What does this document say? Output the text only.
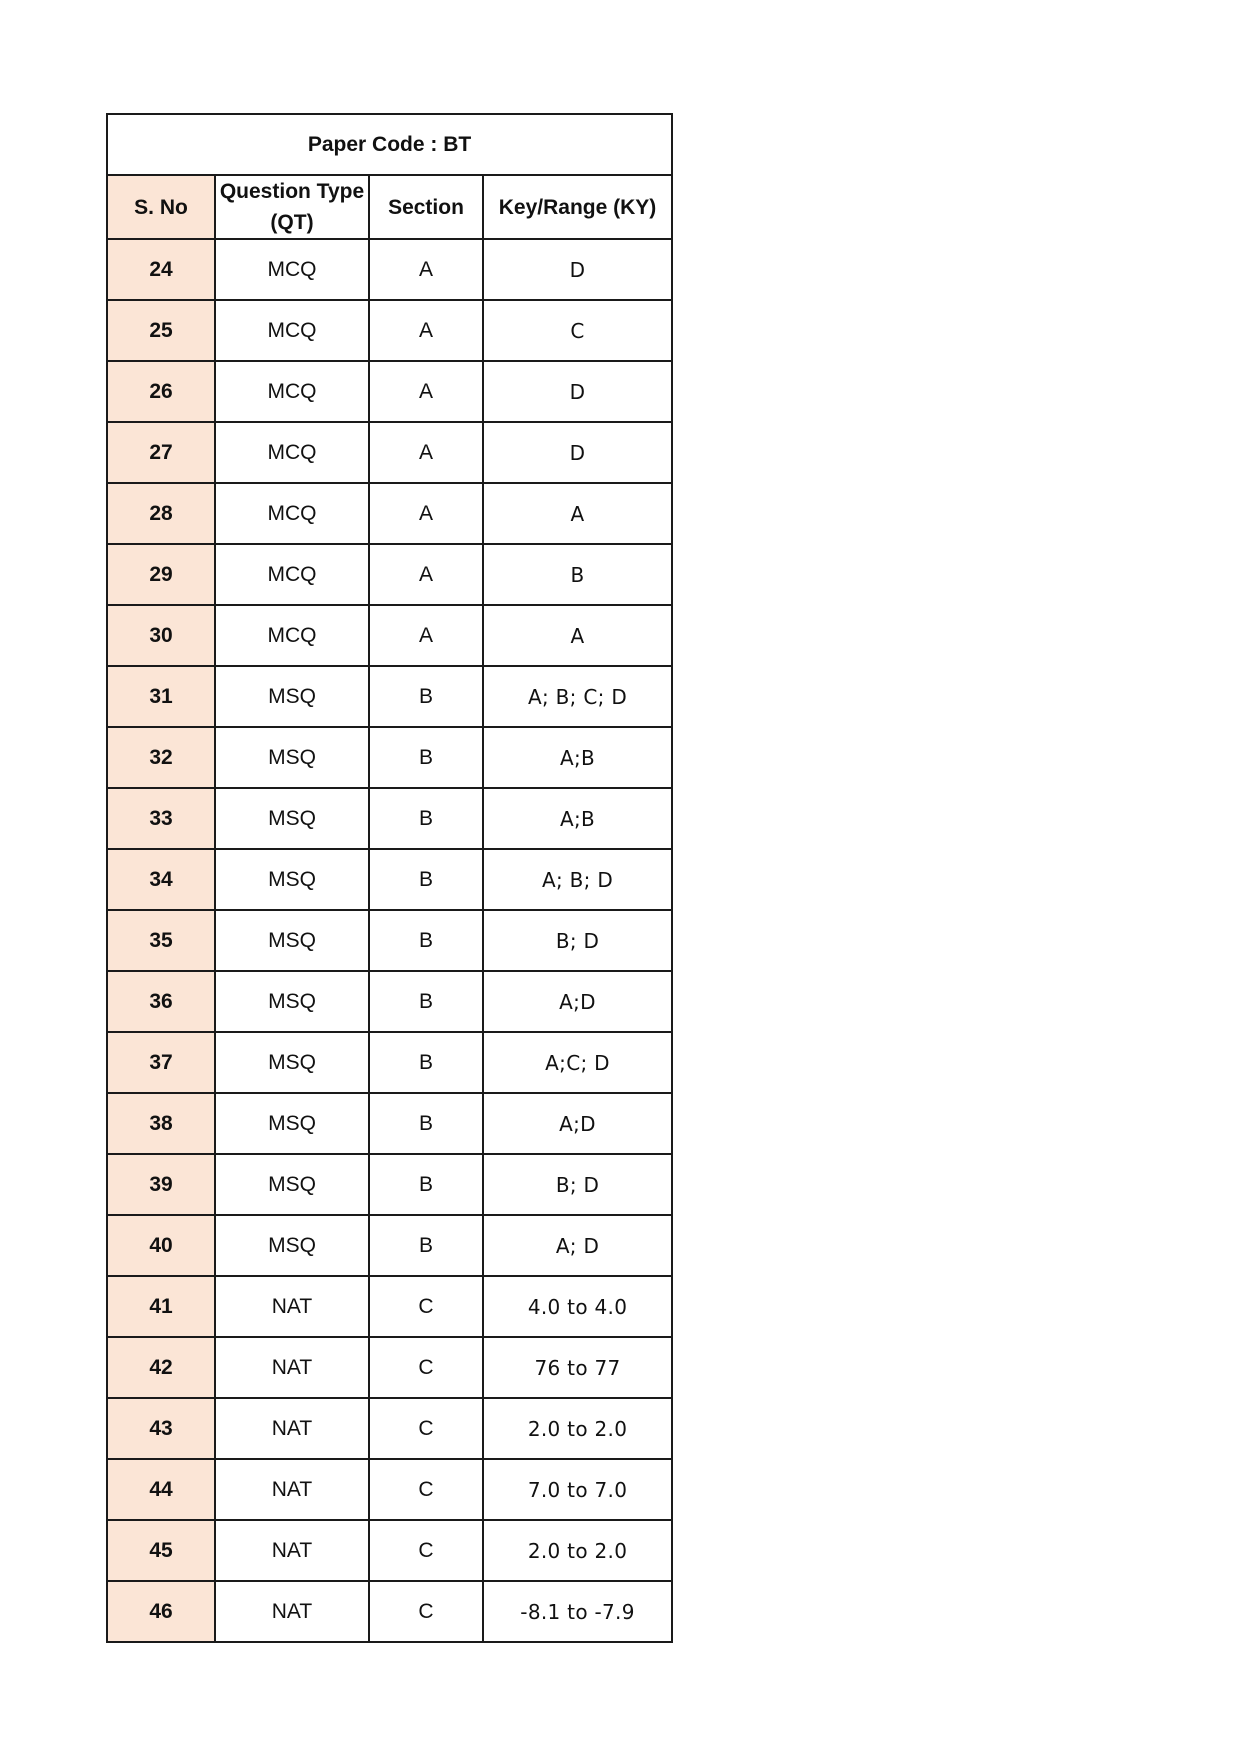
Paper Code : BT			
S. No	Question Type (QT)	Section	Key/Range (KY)
24	MCQ	A	D
25	MCQ	A	C
26	MCQ	A	D
27	MCQ	A	D
28	MCQ	A	A
29	MCQ	A	B
30	MCQ	A	A
31	MSQ	B	A; B; C; D
32	MSQ	B	A;B
33	MSQ	B	A;B
34	MSQ	B	A; B; D
35	MSQ	B	B; D
36	MSQ	B	A;D
37	MSQ	B	A;C; D
38	MSQ	B	A;D
39	MSQ	B	B; D
40	MSQ	B	A; D
41	NAT	C	4.0 to 4.0
42	NAT	C	76 to 77
43	NAT	C	2.0 to 2.0
44	NAT	C	7.0 to 7.0
45	NAT	C	2.0 to 2.0
46	NAT	C	-8.1 to -7.9
